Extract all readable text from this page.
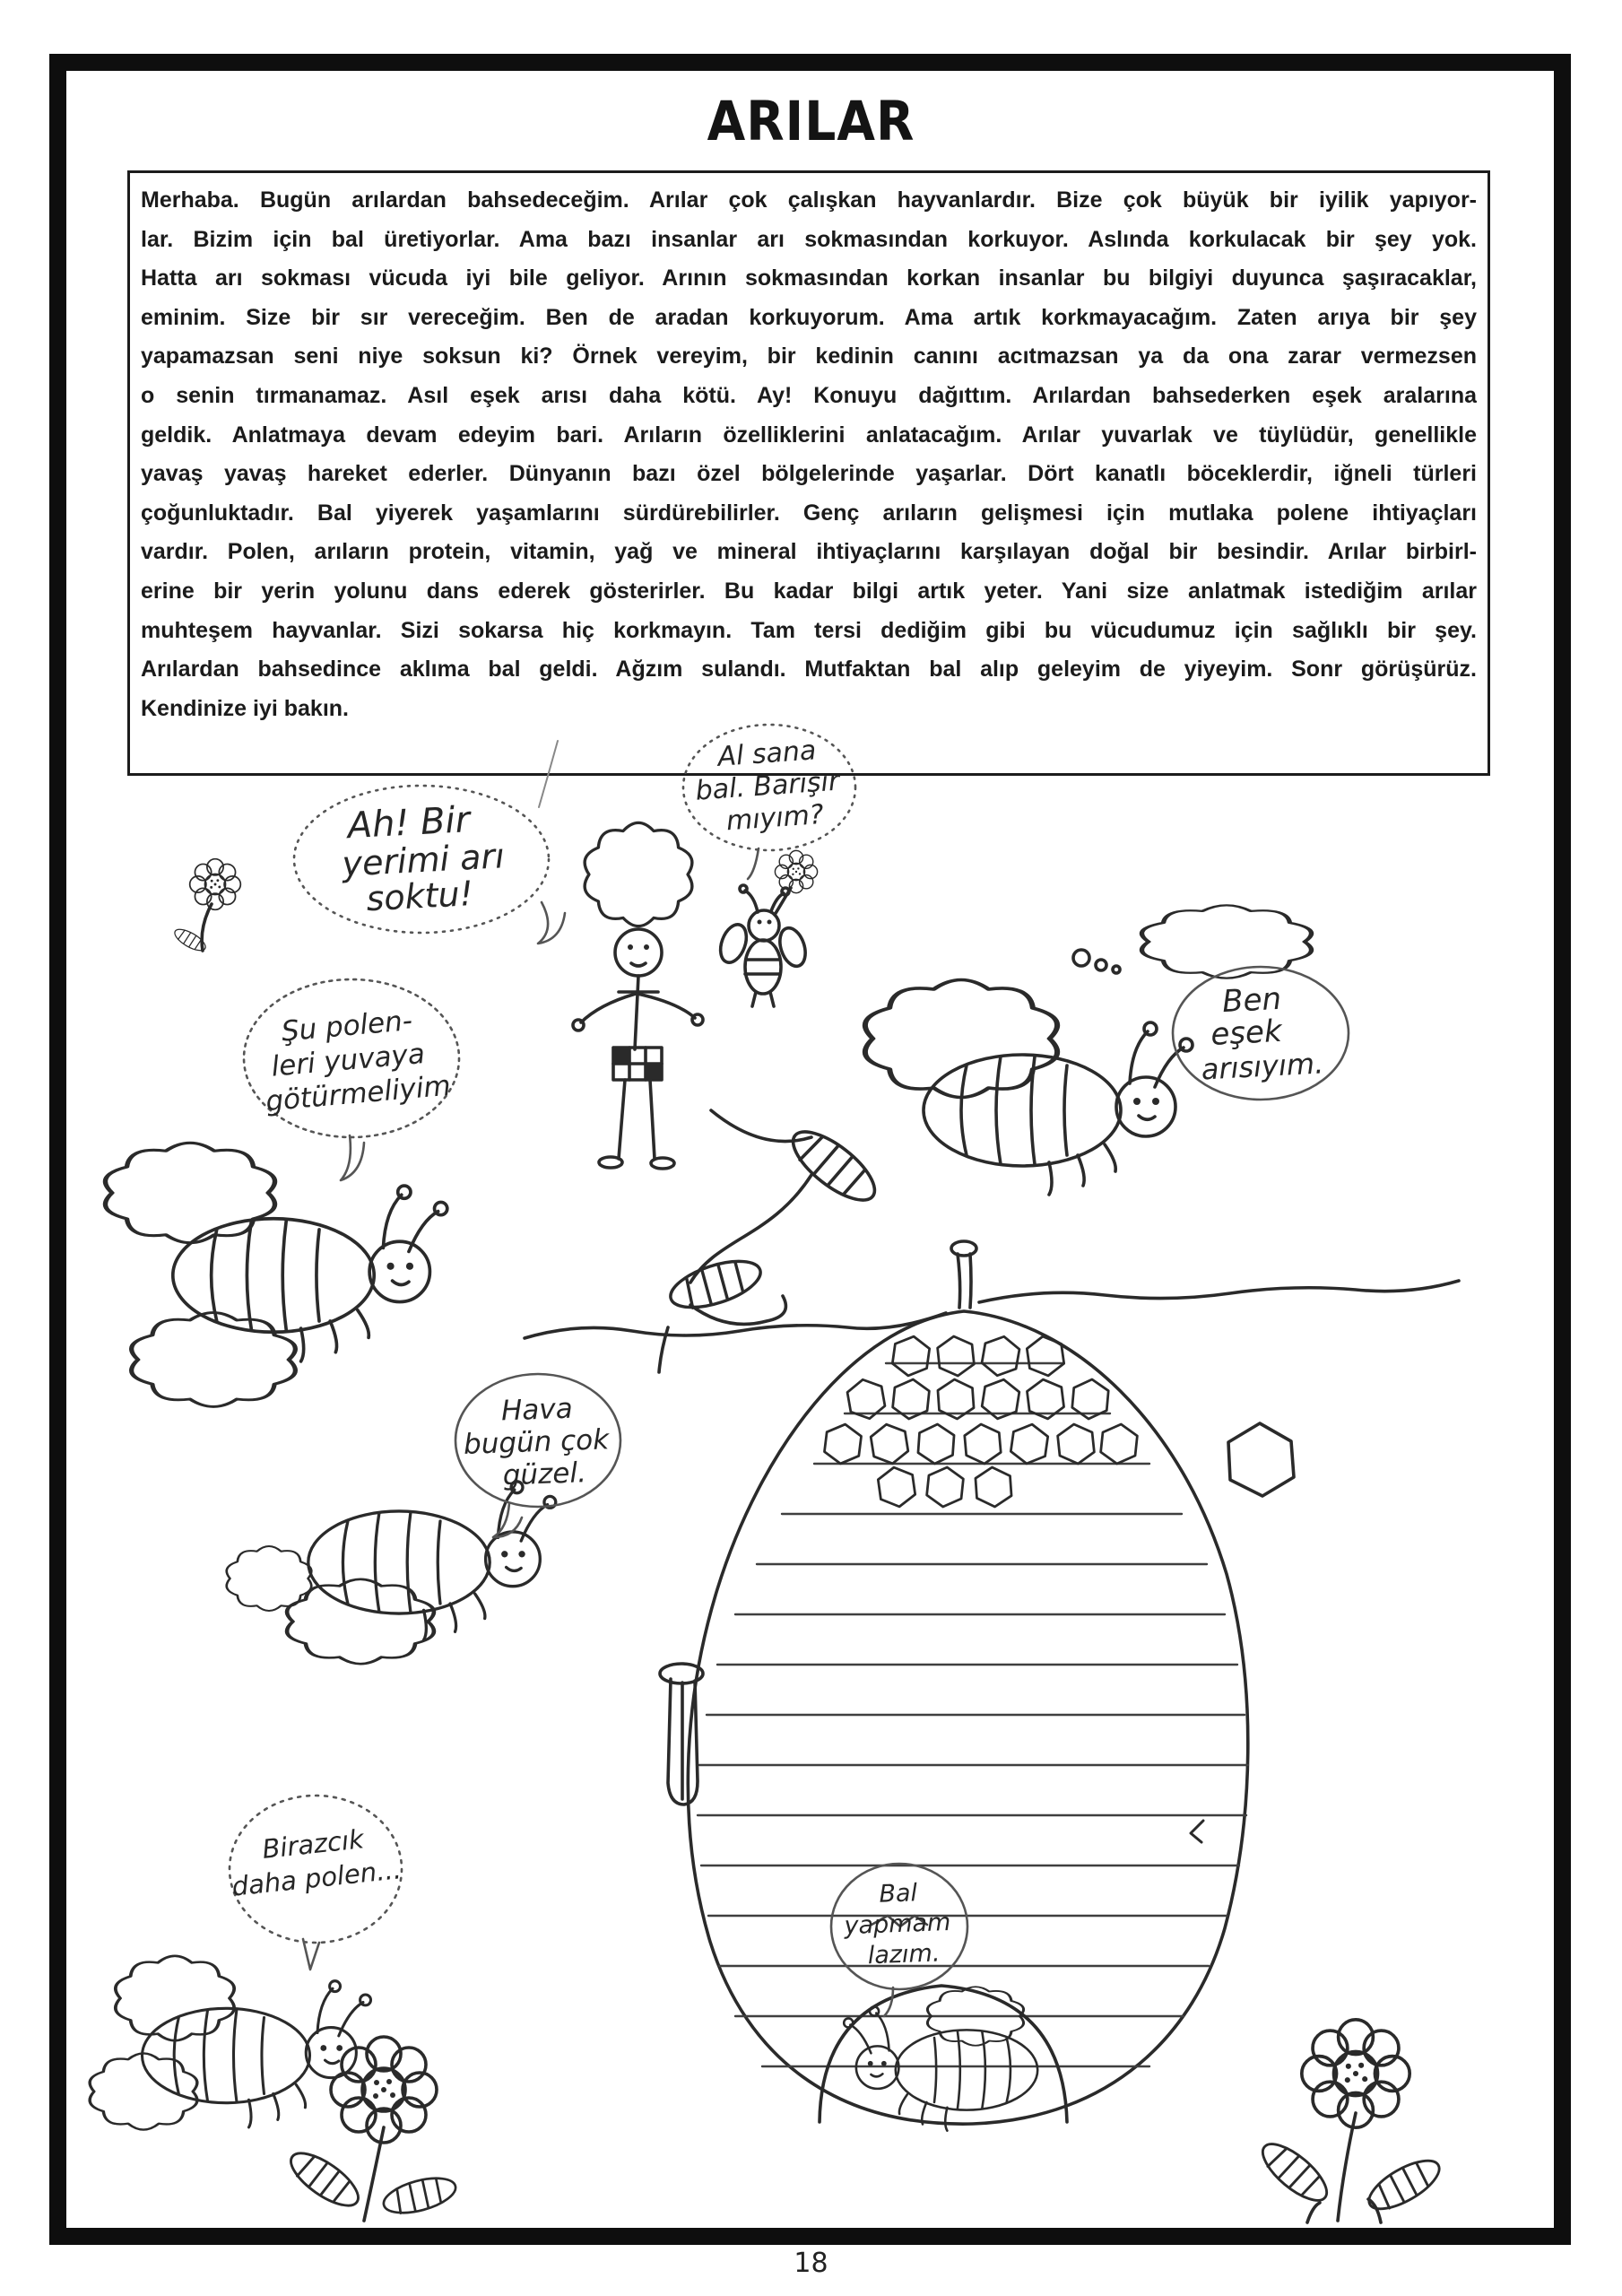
ARILAR
Merhaba. Bugün arılardan bahsedeceğim. Arılar çok çalışkan hayvanlardır. Bize çok büyük bir iyilik yapıyor-
lar. Bizim için bal üretiyorlar. Ama bazı insanlar arı sokmasından korkuyor. Aslında korkulacak bir şey yok.
Hatta arı sokması vücuda iyi bile geliyor. Arının sokmasından korkan insanlar bu bilgiyi duyunca şaşıracaklar,
eminim. Size bir sır vereceğim. Ben de aradan korkuyorum. Ama artık korkmayacağım. Zaten arıya bir şey
yapamazsan seni niye soksun ki? Örnek vereyim, bir kedinin canını acıtmazsan ya da ona zarar vermezsen
o senin tırmanamaz. Asıl eşek arısı daha kötü. Ay! Konuyu dağıttım. Arılardan bahsederken eşek aralarına
geldik. Anlatmaya devam edeyim bari. Arıların özelliklerini anlatacağım. Arılar yuvarlak ve tüylüdür, genellikle
yavaş yavaş hareket ederler. Dünyanın bazı özel bölgelerinde yaşarlar. Dört kanatlı böceklerdir, iğneli türleri
çoğunluktadır. Bal yiyerek yaşamlarını sürdürebilirler. Genç arıların gelişmesi için mutlaka polene ihtiyaçları
vardır. Polen, arıların protein, vitamin, yağ ve mineral ihtiyaçlarını karşılayan doğal bir besindir. Arılar birbirl-
erine bir yerin yolunu dans ederek gösterirler. Bu kadar bilgi artık yeter. Yani size anlatmak istediğim arılar
muhteşem hayvanlar. Sizi sokarsa hiç korkmayın. Tam tersi dediğim gibi bu vücudumuz için sağlıklı bir şey.
Arılardan bahsedince aklıma bal geldi. Ağzım sulandı. Mutfaktan bal alıp geleyim de yiyeyim. Sonr görüşürüz.
Kendinize iyi bakın.
Ah! Bir
yerimi arı
soktu!
Al sana
bal. Barışır
mıyım?
Şu polen-
leri yuvaya
götürmeliyim
Ben
eşek
arısıyım.
Hava
bugün çok
güzel.
Birazcık
daha polen...	Bal
yapmam
lazım.
18
